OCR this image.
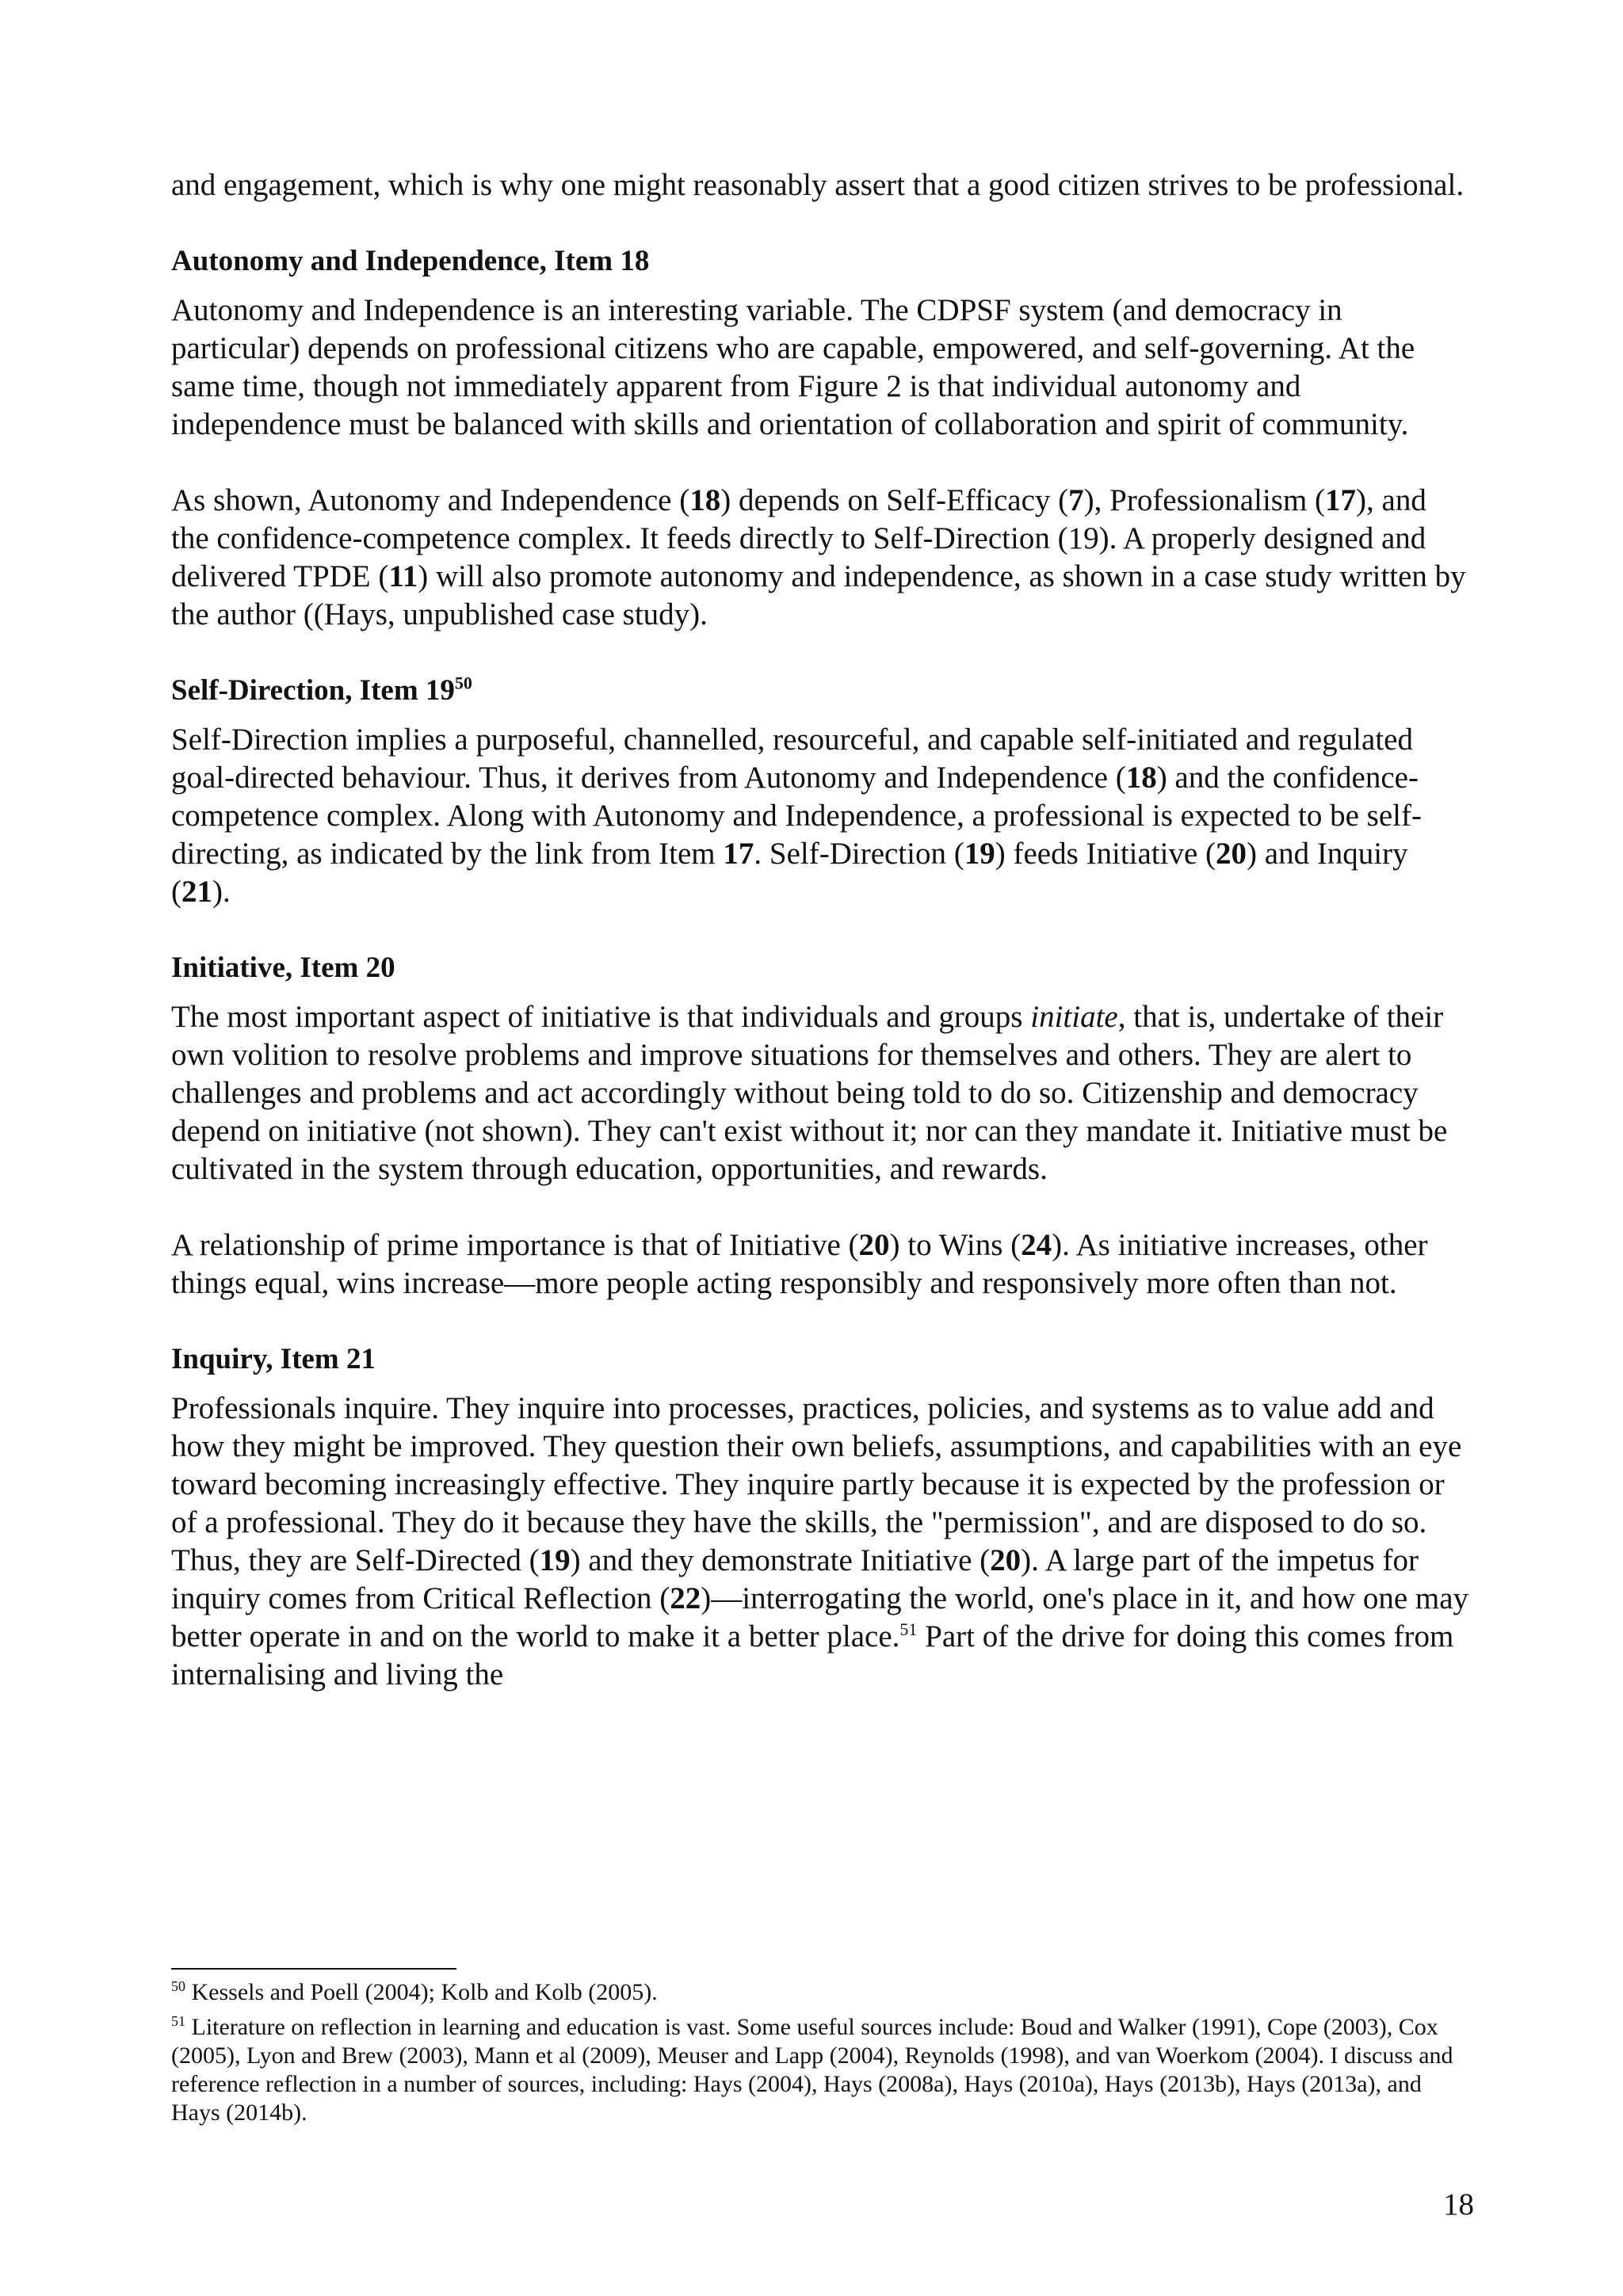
and engagement, which is why one might reasonably assert that a good citizen strives to be professional.

Autonomy and Independence, Item 18

Autonomy and Independence is an interesting variable. The CDPSF system (and democracy in particular) depends on professional citizens who are capable, empowered, and self-governing. At the same time, though not immediately apparent from Figure 2 is that individual autonomy and independence must be balanced with skills and orientation of collaboration and spirit of community.

As shown, Autonomy and Independence (18) depends on Self-Efficacy (7), Professionalism (17), and the confidence-competence complex. It feeds directly to Self-Direction (19). A properly designed and delivered TPDE (11) will also promote autonomy and independence, as shown in a case study written by the author ((Hays, unpublished case study).

Self-Direction, Item $19^{50}$

Self-Direction implies a purposeful, channelled, resourceful, and capable self-initiated and regulated goal-directed behaviour. Thus, it derives from Autonomy and Independence (18) and the confidence-competence complex. Along with Autonomy and Independence, a professional is expected to be self-directing, as indicated by the link from Item 17. Self-Direction (19) feeds Initiative (20) and Inquiry (21).

Initiative, Item 20

The most important aspect of initiative is that individuals and groups initiate, that is, undertake of their own volition to resolve problems and improve situations for themselves and others. They are alert to challenges and problems and act accordingly without being told to do so. Citizenship and democracy depend on initiative (not shown). They can't exist without it; nor can they mandate it. Initiative must be cultivated in the system through education, opportunities, and rewards.

A relationship of prime importance is that of Initiative (20) to Wins (24). As initiative increases, other things equal, wins increase—more people acting responsibly and responsively more often than not.

Inquiry, Item 21

Professionals inquire. They inquire into processes, practices, policies, and systems as to value add and how they might be improved. They question their own beliefs, assumptions, and capabilities with an eye toward becoming increasingly effective. They inquire partly because it is expected by the profession or of a professional. They do it because they have the skills, the "permission", and are disposed to do so. Thus, they are Self-Directed (19) and they demonstrate Initiative (20). A large part of the impetus for inquiry comes from Critical Reflection (22)—interrogating the world, one's place in it, and how one may better operate in and on the world to make it a better place.$^{51}$ Part of the drive for doing this comes from internalising and living the

$^{50}$ Kessels and Poell (2004); Kolb and Kolb (2005).

$^{51}$ Literature on reflection in learning and education is vast. Some useful sources include: Boud and Walker (1991), Cope (2003), Cox (2005), Lyon and Brew (2003), Mann et al (2009), Meuser and Lapp (2004), Reynolds (1998), and van Woerkom (2004). I discuss and reference reflection in a number of sources, including: Hays (2004), Hays (2008a), Hays (2010a), Hays (2013b), Hays (2013a), and Hays (2014b).

18
